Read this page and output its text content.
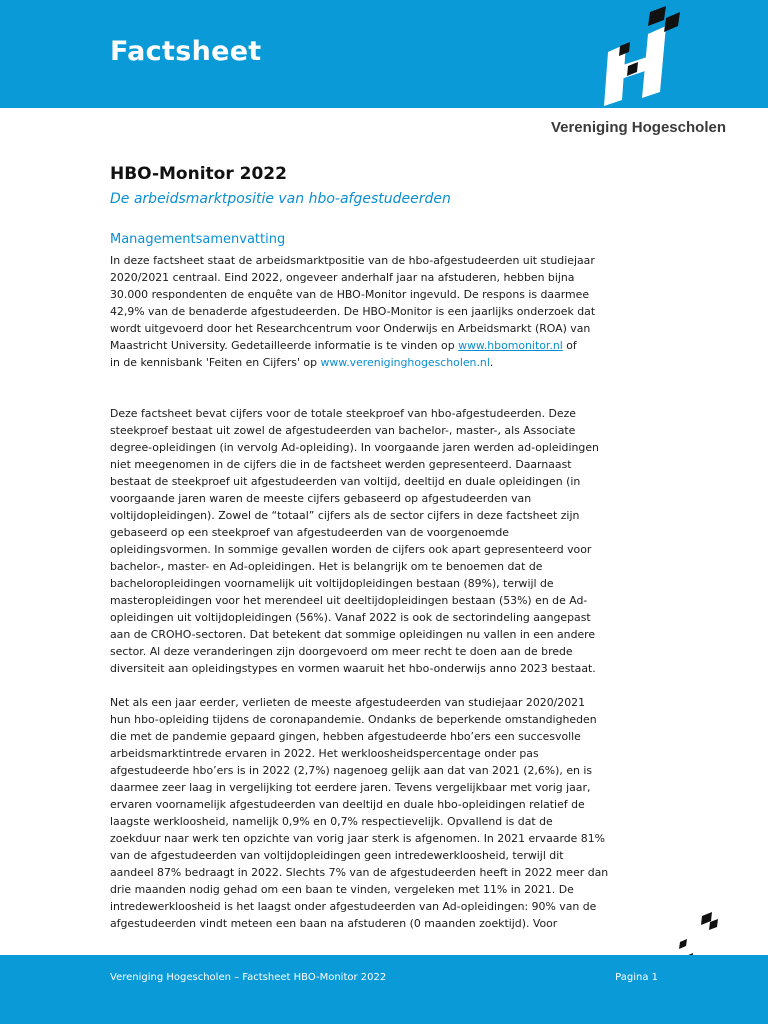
Factsheet
Vereniging Hogescholen
HBO-Monitor 2022
De arbeidsmarktpositie van hbo-afgestudeerden
Managementsamenvatting
In deze factsheet staat de arbeidsmarktpositie van de hbo-afgestudeerden uit studiejaar
2020/2021 centraal. Eind 2022, ongeveer anderhalf jaar na afstuderen, hebben bijna
30.000 respondenten de enquête van de HBO-Monitor ingevuld. De respons is daarmee
42,9% van de benaderde afgestudeerden. De HBO-Monitor is een jaarlijks onderzoek dat
wordt uitgevoerd door het Researchcentrum voor Onderwijs en Arbeidsmarkt (ROA) van
Maastricht University. Gedetailleerde informatie is te vinden op www.hbomonitor.nl of
in de kennisbank 'Feiten en Cijfers' op www.vereniginghogescholen.nl.
Deze factsheet bevat cijfers voor de totale steekproef van hbo-afgestudeerden. Deze
steekproef bestaat uit zowel de afgestudeerden van bachelor-, master-, als Associate
degree-opleidingen (in vervolg Ad-opleiding). In voorgaande jaren werden ad-opleidingen
niet meegenomen in de cijfers die in de factsheet werden gepresenteerd. Daarnaast
bestaat de steekproef uit afgestudeerden van voltijd, deeltijd en duale opleidingen (in
voorgaande jaren waren de meeste cijfers gebaseerd op afgestudeerden van
voltijdopleidingen). Zowel de “totaal” cijfers als de sector cijfers in deze factsheet zijn
gebaseerd op een steekproef van afgestudeerden van de voorgenoemde
opleidingsvormen. In sommige gevallen worden de cijfers ook apart gepresenteerd voor
bachelor-, master- en Ad-opleidingen. Het is belangrijk om te benoemen dat de
bacheloropleidingen voornamelijk uit voltijdopleidingen bestaan (89%), terwijl de
masteropleidingen voor het merendeel uit deeltijdopleidingen bestaan (53%) en de Ad-
opleidingen uit voltijdopleidingen (56%). Vanaf 2022 is ook de sectorindeling aangepast
aan de CROHO-sectoren. Dat betekent dat sommige opleidingen nu vallen in een andere
sector. Al deze veranderingen zijn doorgevoerd om meer recht te doen aan de brede
diversiteit aan opleidingstypes en vormen waaruit het hbo-onderwijs anno 2023 bestaat.
Net als een jaar eerder, verlieten de meeste afgestudeerden van studiejaar 2020/2021
hun hbo-opleiding tijdens de coronapandemie. Ondanks de beperkende omstandigheden
die met de pandemie gepaard gingen, hebben afgestudeerde hbo’ers een succesvolle
arbeidsmarktintrede ervaren in 2022. Het werkloosheidspercentage onder pas
afgestudeerde hbo’ers is in 2022 (2,7%) nagenoeg gelijk aan dat van 2021 (2,6%), en is
daarmee zeer laag in vergelijking tot eerdere jaren. Tevens vergelijkbaar met vorig jaar,
ervaren voornamelijk afgestudeerden van deeltijd en duale hbo-opleidingen relatief de
laagste werkloosheid, namelijk 0,9% en 0,7% respectievelijk. Opvallend is dat de
zoekduur naar werk ten opzichte van vorig jaar sterk is afgenomen. In 2021 ervaarde 81%
van de afgestudeerden van voltijdopleidingen geen intredewerkloosheid, terwijl dit
aandeel 87% bedraagt in 2022. Slechts 7% van de afgestudeerden heeft in 2022 meer dan
drie maanden nodig gehad om een baan te vinden, vergeleken met 11% in 2021. De
intredewerkloosheid is het laagst onder afgestudeerden van Ad-opleidingen: 90% van de
afgestudeerden vindt meteen een baan na afstuderen (0 maanden zoektijd). Voor
Vereniging Hogescholen – Factsheet HBO-Monitor 2022	Pagina 1
